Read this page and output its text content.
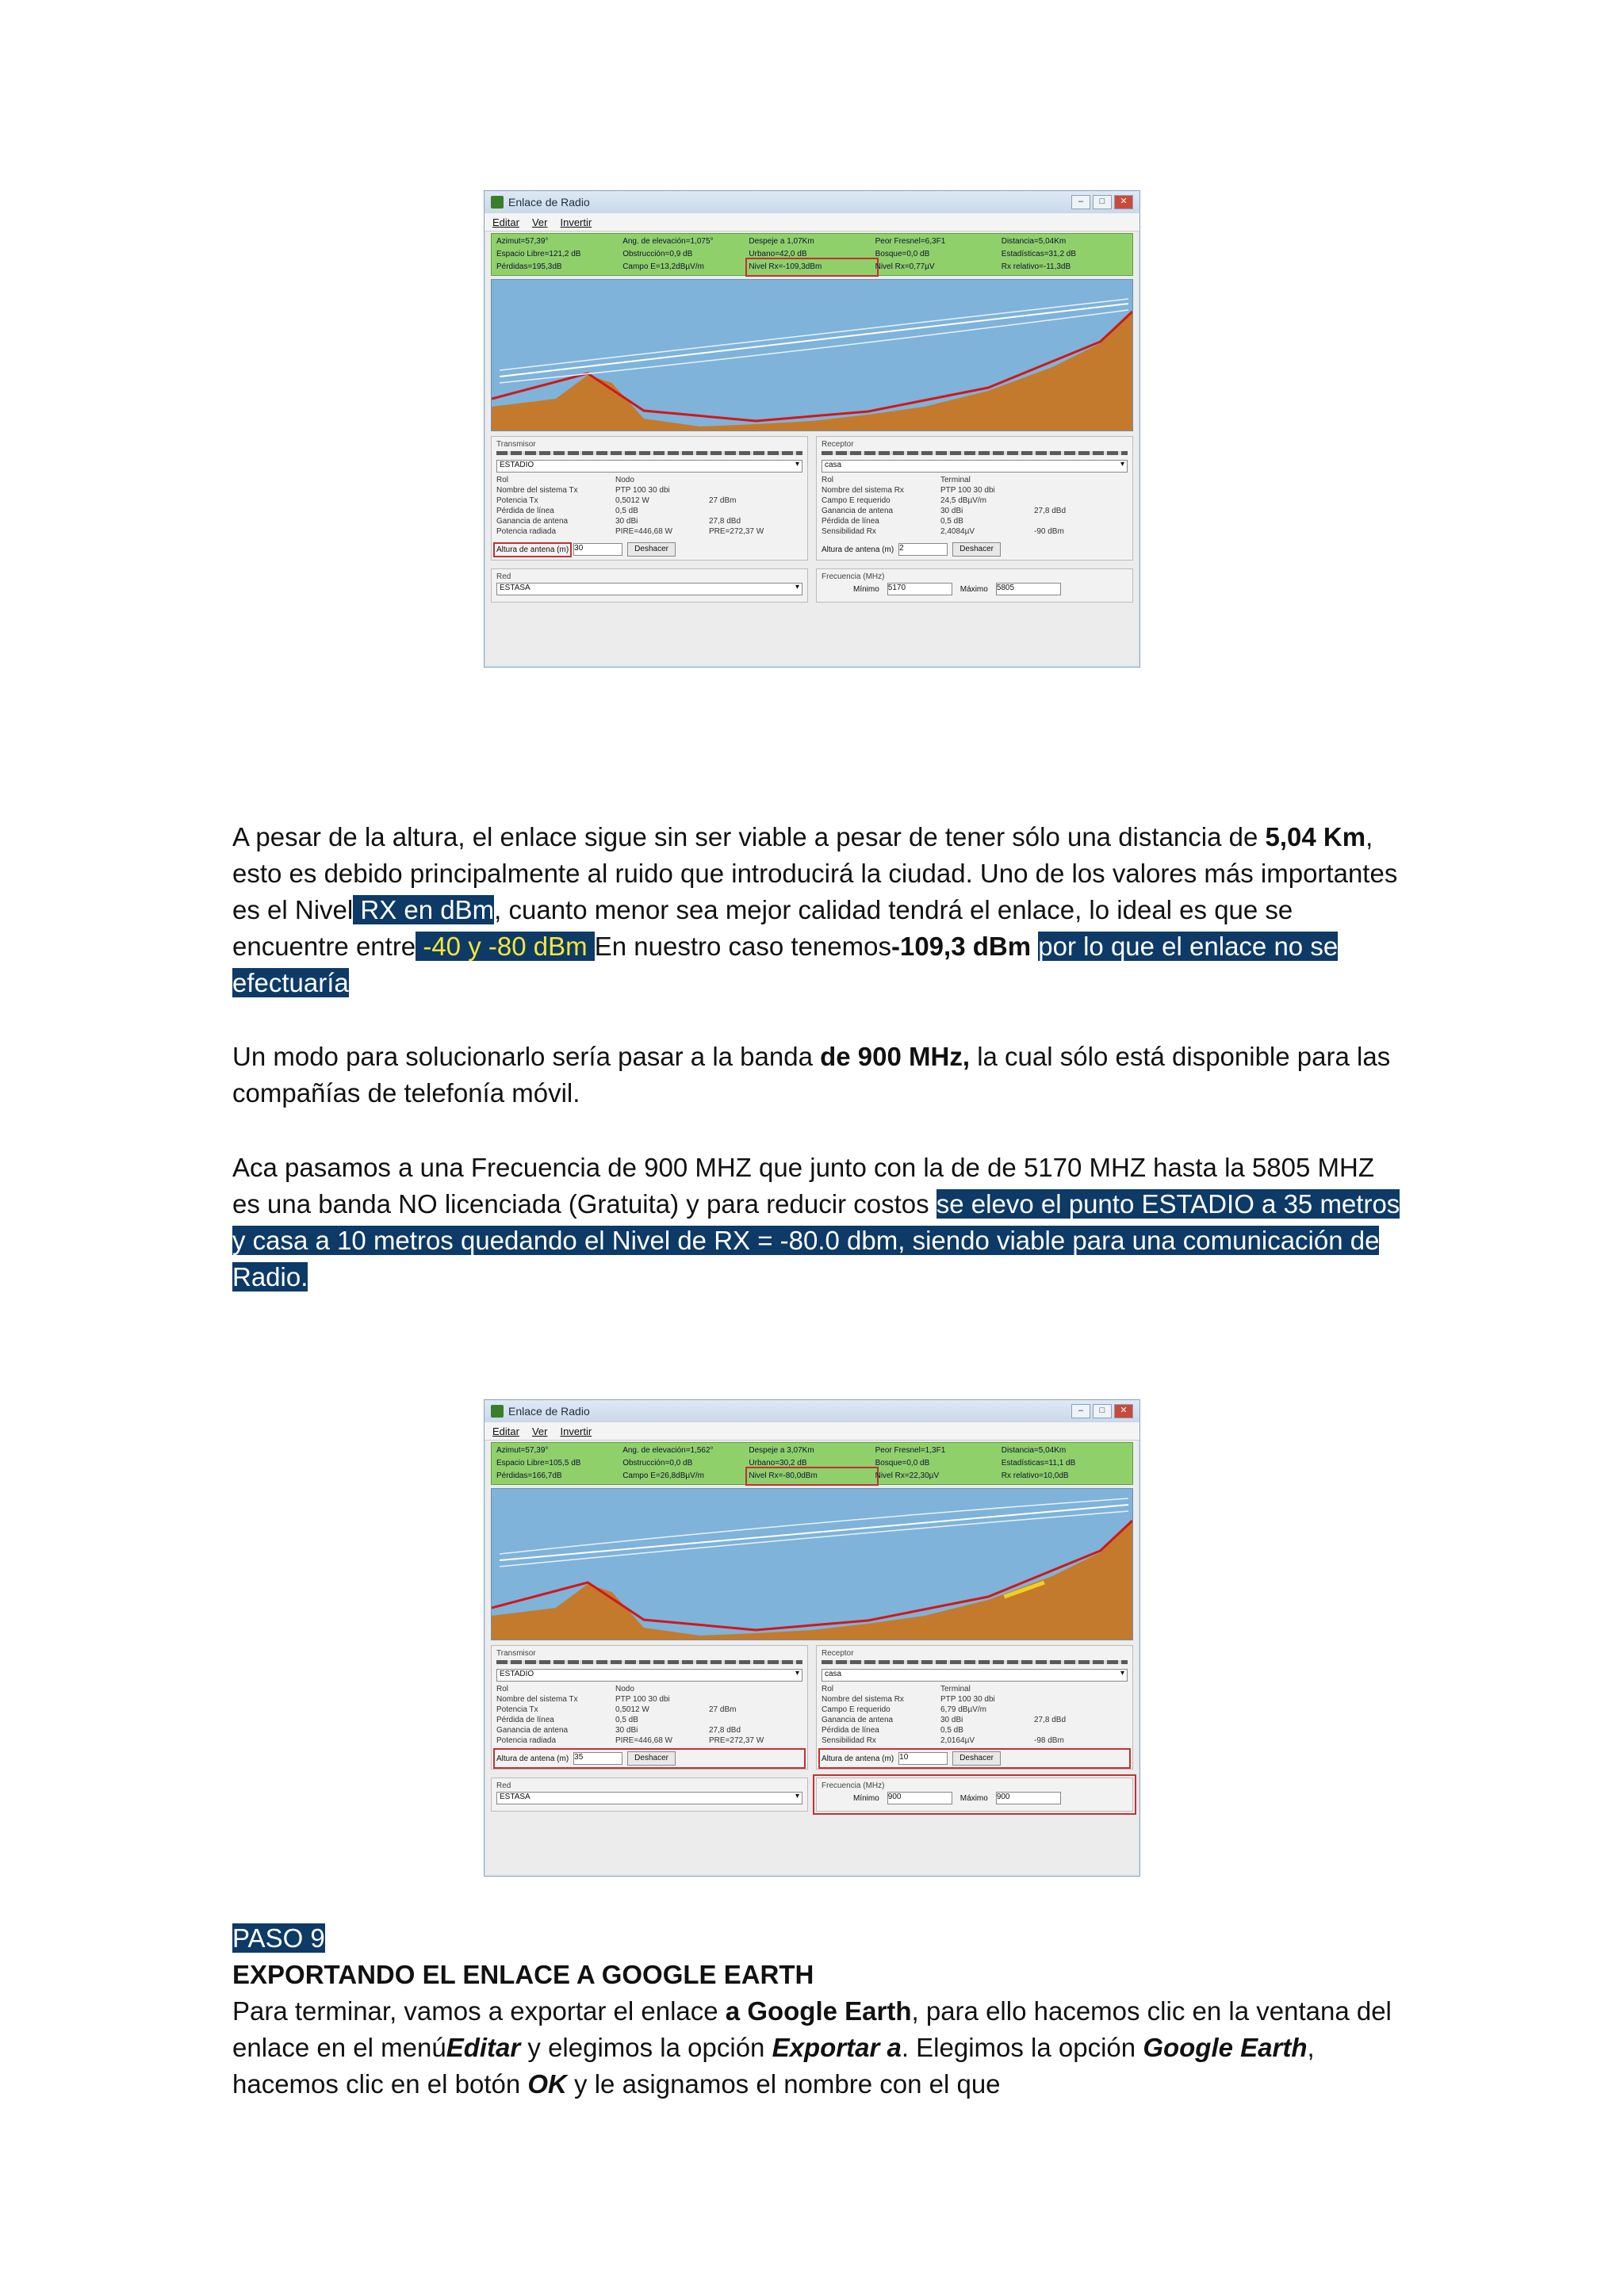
Enlace de Radio	–	□	✕
Editar Ver Invertir
Azimut=57,39°	Ang. de elevación=1,075°	Despeje a 1,07Km	Peor Fresnel=6,3F1	Distancia=5,04Km
Espacio Libre=121,2 dB	Obstrucción=0,9 dB	Urbano=42,0 dB	Bosque=0,0 dB	Estadísticas=31,2 dB
Pérdidas=195,3dB	Campo E=13,2dBµV/m	Nivel Rx=-109,3dBm	Nivel Rx=0,77µV	Rx relativo=-11,3dB
Transmisor
ESTADIO ▾
Rol	Nodo
Nombre del sistema Tx	PTP 100 30 dbi
Potencia Tx	0,5012 W	27 dBm
Pérdida de línea	0,5 dB
Ganancia de antena	30 dBi	27,8 dBd
Potencia radiada	PIRE=446,68 W	PRE=272,37 W
Altura de antena (m) 30	Deshacer
Receptor
casa ▾
Rol	Terminal
Nombre del sistema Rx	PTP 100 30 dbi
Campo E requerido	24,5 dBµV/m
Ganancia de antena	30 dBi	27,8 dBd
Pérdida de línea	0,5 dB
Sensibilidad Rx	2,4084µV	-90 dBm
Altura de antena (m) 2	Deshacer
Red
ESTASA ▾
Frecuencia (MHz)
Mínimo 5170	Máximo 5805

A pesar de la altura, el enlace sigue sin ser viable a pesar de tener sólo una distancia de 5,04 Km, esto es debido principalmente al ruido que introducirá la ciudad. Uno de los valores más importantes es el Nivel RX en dBm, cuanto menor sea mejor calidad tendrá el enlace, lo ideal es que se encuentre entre -40 y -80 dBm En nuestro caso tenemos-109,3 dBm por lo que el enlace no se efectuaría

Un modo para solucionarlo sería pasar a la banda de 900 MHz, la cual sólo está disponible para las compañías de telefonía móvil.

Aca pasamos a una Frecuencia de 900 MHZ que junto con la de de 5170 MHZ hasta la 5805 MHZ es una banda NO licenciada (Gratuita) y para reducir costos se elevo el punto ESTADIO a 35 metros y casa a 10 metros quedando el Nivel de RX = -80.0 dbm, siendo viable para una comunicación de Radio.

Enlace de Radio	–	□	✕
Editar Ver Invertir
Azimut=57,39°	Ang. de elevación=1,562°	Despeje a 3,07Km	Peor Fresnel=1,3F1	Distancia=5,04Km
Espacio Libre=105,5 dB	Obstrucción=0,0 dB	Urbano=30,2 dB	Bosque=0,0 dB	Estadísticas=11,1 dB
Pérdidas=166,7dB	Campo E=26,8dBµV/m	Nivel Rx=-80,0dBm	Nivel Rx=22,30µV	Rx relativo=10,0dB
Transmisor
ESTADIO ▾
Rol	Nodo
Nombre del sistema Tx	PTP 100 30 dbi
Potencia Tx	0,5012 W	27 dBm
Pérdida de línea	0,5 dB
Ganancia de antena	30 dBi	27,8 dBd
Potencia radiada	PIRE=446,68 W	PRE=272,37 W
Altura de antena (m) 35	Deshacer
Receptor
casa ▾
Rol	Terminal
Nombre del sistema Rx	PTP 100 30 dbi
Campo E requerido	6,79 dBµV/m
Ganancia de antena	30 dBi	27,8 dBd
Pérdida de línea	0,5 dB
Sensibilidad Rx	2,0164µV	-98 dBm
Altura de antena (m) 10	Deshacer
Red
ESTASA ▾
Frecuencia (MHz)
Mínimo 900	Máximo 900

PASO 9

EXPORTANDO EL ENLACE A GOOGLE EARTH

Para terminar, vamos a exportar el enlace a Google Earth, para ello hacemos clic en la ventana del enlace en el menúEditar y elegimos la opción Exportar a. Elegimos la opción Google Earth, hacemos clic en el botón OK y le asignamos el nombre con el que
